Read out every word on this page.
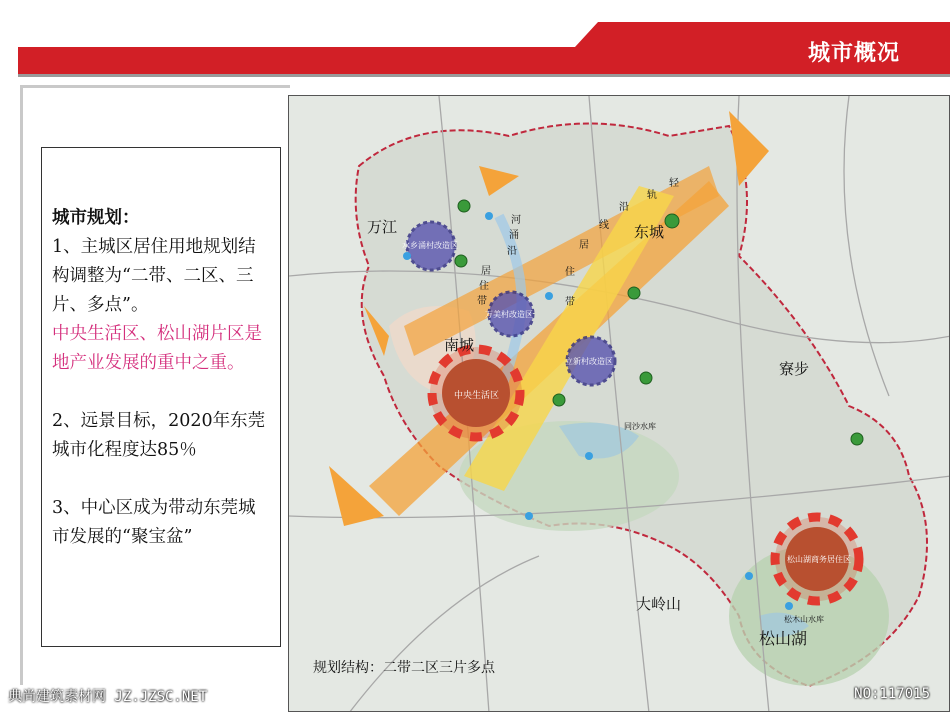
城市概况

城市规划：

1、主城区居住用地规划结构调整为“二带、二区、三片、多点”。

中央生活区、松山湖片区是地产业发展的重中之重。

2、远景目标，2020年东莞城市化程度达85％

3、中心区成为带动东莞城市发展的“聚宝盆”

万江	东城
南城
寮步
大岭山
松山湖
水乡涌村改造区
万美村改造区
立新村改造区
中央生活区
松山湖商务居住区
同沙水库
松木山水库
河
涌
沿
居
住
带
轻
轨
沿
线
居
住
带
规划结构：二带二区三片多点
典尚建筑素材网 JZ.JZSC.NET	NO:117015
